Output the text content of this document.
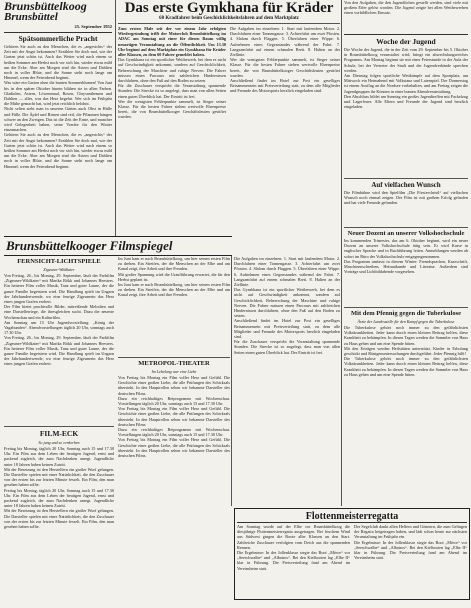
Brunsbüttelkoog
Brunsbüttel
25. September 1952
Spätsommerliche Pracht

Gehören Sie auch zu den Menschen, die es „angesichts“ der Zeit mit der Angst bekommen? Erzählen Sie doch mal, wie der Garten jetzt schön ist. Auch das Wetter wird nach einem so heißen Sommer am Herbst noch vor sich hin, wieder etwas mild um die Ecke. Aber am Morgen sind die Astern und Dahlien noch in voller Blüte, und die Sonne steht noch lange am Himmel, wenn der Feierabend beginnt.

Was wäre ein Garten ohne die bunten Sommerblumen! Von Juni bis in den späten Oktober hinein blühen sie in allen Farben. Gladiolen, Astern, Löwenmaul, Rosen, Chrysanthemen und Dahlien — alles, was das Herz begehrt. Wer sich im Frühjahr die Mühe gemacht hat, wird jetzt reichlich belohnt.

Nicht selten sieht man in unseren Gärten auch Obst in Hülle und Fülle. Die Äpfel und Birnen sind reif, die Pflaumen hängen schwer an den Zweigen. Das ist die Zeit der Ernte, und mancher wird Gelegenheit haben, seine Vorräte für den Winter einzumachen.

Gehören Sie auch zu den Menschen, die es „angesichts“ der Zeit mit der Angst bekommen? Erzählen Sie doch mal, wie der Garten jetzt schön ist. Auch das Wetter wird nach einem so heißen Sommer am Herbst noch vor sich hin, wieder etwas mild um die Ecke. Aber am Morgen sind die Astern und Dahlien noch in voller Blüte, und die Sonne steht noch lange am Himmel, wenn der Feierabend beginnt.

Brunsbüttelkooger Filmspiegel
FERNSICHT-LICHTSPIELE
Zigeuner-Wildkater

Von Freitag, 26., bis Montag, 29. September, läuft der Farbfilm „Zigeuner-Wildkater“ mit Marika Rökk und Johannes Heesters. Ein heiterer Film voller Musik, Tanz und guter Laune, der die ganze Familie begeistern wird. Die Handlung spielt im Ungarn der Jahrhundertwende, wo eine feurige Zigeunerin das Herz eines jungen Grafen erobert.

Der Film bietet prachtvolle Bilder, mitreißende Melodien und eine Darstellerriege, die ihresgleichen sucht. Dazu die neueste Wochenschau und ein Kulturfilm.

Am Sonntag um 15 Uhr Jugendvorstellung: „König der Vagabunden“. Abendvorstellungen täglich 20 Uhr, sonntags auch 17.30 Uhr.

Von Freitag, 26., bis Montag, 29. September, läuft der Farbfilm „Zigeuner-Wildkater“ mit Marika Rökk und Johannes Heesters. Ein heiterer Film voller Musik, Tanz und guter Laune, der die ganze Familie begeistern wird. Die Handlung spielt im Ungarn der Jahrhundertwende, wo eine feurige Zigeunerin das Herz eines jungen Grafen erobert.

FILM-ECK
So jung und so verdorben

Freitag bis Montag, täglich 20 Uhr, Sonntag auch 15 und 17.30 Uhr. Ein Film aus dem Leben der heutigen Jugend, ernst und packend zugleich, der zum Nachdenken anregt. Jugendliche unter 18 Jahren haben keinen Zutritt.

Mit der Besetzung ist den Herstellern ein großer Wurf gelungen. Die Darsteller spielen mit einer Natürlichkeit, die den Zuschauer von der ersten bis zur letzten Minute fesselt. Ein Film, den man gesehen haben sollte.

Freitag bis Montag, täglich 20 Uhr, Sonntag auch 15 und 17.30 Uhr. Ein Film aus dem Leben der heutigen Jugend, ernst und packend zugleich, der zum Nachdenken anregt. Jugendliche unter 18 Jahren haben keinen Zutritt.

Mit der Besetzung ist den Herstellern ein großer Wurf gelungen. Die Darsteller spielen mit einer Natürlichkeit, die den Zuschauer von der ersten bis zur letzten Minute fesselt. Ein Film, den man gesehen haben sollte.

Das erste Gymkhana für Kräder
60 Kradfahrer beim Geschicklichkeitsfahren auf dem Marktplatz

Zum ersten Male seit der vor einem Jahr erfolgten Wiedergründung trifft der Motorclub Brunsbüttelkoog im ADAC am Sonntag mit einer für diesen Raum völlig neuartigen Veranstaltung an die Öffentlichkeit. Um 13.30 Uhr beginnt auf dem Marktplatz ein Gymkhana für Kräder aller Klassen, zu dem 60 Fahrer gemeldet haben.

Das Gymkhana ist ein sportlicher Wettbewerb, bei dem es nicht auf Geschwindigkeit ankommt, sondern auf Geschicklichkeit, Beherrschung der Maschine und ruhige Nerven. Die Fahrer müssen einen Parcours mit zahlreichen Hindernissen durchfahren, ohne den Fuß auf den Boden zu setzen.

Für die Zuschauer verspricht die Veranstaltung spannende Stunden. Die Strecke ist so angelegt, dass man von allen Seiten einen guten Überblick hat. Der Eintritt ist frei.

Wer die wenigsten Fehlerpunkte sammelt, ist Sieger seiner Klasse. Für die besten Fahrer stehen wertvolle Ehrenpreise bereit, die von Brunsbüttelkooger Geschäftsleuten gestiftet wurden.

Die Aufgaben im einzelnen: 1. Start mit laufendem Motor. 2. Durchfahren einer Tonnengasse. 3. Achterfahrt um zwei Pfosten. 4. Slalom durch Flaggen. 5. Überfahren einer Wippe. 6. Aufnehmen eines Gegenstandes während der Fahrt. 7. Langsamfahrt auf einem schmalen Brett. 8. Halten an der Ziellinie.

Wer die wenigsten Fehlerpunkte sammelt, ist Sieger seiner Klasse. Für die besten Fahrer stehen wertvolle Ehrenpreise bereit, die von Brunsbüttelkooger Geschäftsleuten gestiftet wurden.

Anschließend findet im Hotel zur Post ein geselliges Beisammensein mit Preisverteilung statt, zu dem alle Mitglieder und Freunde des Motorsports herzlich eingeladen sind.

Im Juni kam er nach Brunsbüttelkoog, um hier seinen ersten Film zu drehen. Ein Streifen, der die Menschen an der Elbe und am Kanal zeigt, ihre Arbeit und ihre Freuden.

Mit großer Spannung wird die Uraufführung erwartet, die für den Herbst geplant ist.

Im Juni kam er nach Brunsbüttelkoog, um hier seinen ersten Film zu drehen. Ein Streifen, der die Menschen an der Elbe und am Kanal zeigt, ihre Arbeit und ihre Freuden.

METROPOL-THEATER
Im Lebelang war eine Liebe

Von Freitag bis Montag ein Film voller Herz und Gefühl. Die Geschichte einer großen Liebe, die alle Prüfungen des Schicksals übersteht. In den Hauptrollen sehen wir bekannte Darsteller des deutschen Films.

Dazu ein reichhaltiges Beiprogramm mit Wochenschau. Vorstellungen täglich 20 Uhr, sonntags auch 15 und 17.30 Uhr.

Von Freitag bis Montag ein Film voller Herz und Gefühl. Die Geschichte einer großen Liebe, die alle Prüfungen des Schicksals übersteht. In den Hauptrollen sehen wir bekannte Darsteller des deutschen Films.

Dazu ein reichhaltiges Beiprogramm mit Wochenschau. Vorstellungen täglich 20 Uhr, sonntags auch 15 und 17.30 Uhr.

Von Freitag bis Montag ein Film voller Herz und Gefühl. Die Geschichte einer großen Liebe, die alle Prüfungen des Schicksals übersteht. In den Hauptrollen sehen wir bekannte Darsteller des deutschen Films.

Die Aufgaben im einzelnen: 1. Start mit laufendem Motor. 2. Durchfahren einer Tonnengasse. 3. Achterfahrt um zwei Pfosten. 4. Slalom durch Flaggen. 5. Überfahren einer Wippe. 6. Aufnehmen eines Gegenstandes während der Fahrt. 7. Langsamfahrt auf einem schmalen Brett. 8. Halten an der Ziellinie.

Das Gymkhana ist ein sportlicher Wettbewerb, bei dem es nicht auf Geschwindigkeit ankommt, sondern auf Geschicklichkeit, Beherrschung der Maschine und ruhige Nerven. Die Fahrer müssen einen Parcours mit zahlreichen Hindernissen durchfahren, ohne den Fuß auf den Boden zu setzen.

Anschließend findet im Hotel zur Post ein geselliges Beisammensein mit Preisverteilung statt, zu dem alle Mitglieder und Freunde des Motorsports herzlich eingeladen sind.

Für die Zuschauer verspricht die Veranstaltung spannende Stunden. Die Strecke ist so angelegt, dass man von allen Seiten einen guten Überblick hat. Der Eintritt ist frei.

Von den Aufgaben, die den Jugendlichen gestellt werden, sind viele mit großem Eifer gelöst worden. Die Jugend zeigte bei allen Wettbewerben einen vorbildlichen Einsatz.

Woche der Jugend

Die Woche der Jugend, die in der Zeit vom 29. September bis 5. Oktober in Brunsbüttelkoog veranstaltet wird, bringt ein abwechslungsreiches Programm. Am Montag beginnt sie mit einer Feierstunde in der Aula der Schule, bei der Vertreter der Stadt und der Jugendverbände sprechen werden.

Am Dienstag folgen sportliche Wettkämpfe auf dem Sportplatz, am Mittwoch ein Heimabend mit Volkstanz und Laienspiel. Der Donnerstag ist einem Ausflug an die Nordsee vorbehalten, und am Freitag zeigen die Jugendgruppen ihr Können in einer bunten Abendveranstaltung.

Den Abschluss bildet am Sonntag ein großes Jugendtreffen mit Fackelzug und Lagerfeuer. Alle Eltern und Freunde der Jugend sind herzlich eingeladen.

Auf vielfachen Wunsch

Die Filmbühne wird den Spielfilm „Die Försterchristl“ auf vielfachen Wunsch noch einmal zeigen. Der Film ist mit großem Erfolg gelaufen und hat viele Freunde gefunden.

Neuer Dozent an unserer Volkshochschule

Im kommenden Trimester, das am 6. Oktober beginnt, wird ein neuer Dozent an unserer Volkshochschule tätig sein. Er wird Kurse in englischer Sprache und in Buchführung leiten. Anmeldungen werden ab sofort im Büro der Volkshochschule entgegengenommen.

Das Programm umfasst in diesem Winter: Fremdsprachen, Kurzschrift, Maschinenschreiben, Heimatkunde und Literatur. Außerdem sind Vorträge und Lichtbildabende vorgesehen.

Mit dem Pfennig gegen die Tuberkulose
Ärzte der Landesstelle für den Kampf gegen die Tuberkulose

Die Tuberkulose gehört noch immer zu den gefährlichsten Volkskrankheiten. Jeder kann durch einen kleinen Beitrag helfen, diese Krankheit zu bekämpfen. In diesen Tagen werden die Sammler von Haus zu Haus gehen und um eine Spende bitten.

Mit den Erträgen werden Heilstätten unterstützt, Kinder in Erholung geschickt und Röntgenuntersuchungen durchgeführt. Jeder Pfennig hilft!

Die Tuberkulose gehört noch immer zu den gefährlichsten Volkskrankheiten. Jeder kann durch einen kleinen Beitrag helfen, diese Krankheit zu bekämpfen. In diesen Tagen werden die Sammler von Haus zu Haus gehen und um eine Spende bitten.

Flottenmeisterregatta

Am Sonntag wurde auf der Elbe vor Brunsbüttelkoog die diesjährige Flottenmeisterregatta ausgetragen. Bei frischem Wind aus Südwest gingen die Boote aller Klassen an den Start. Zahlreiche Zuschauer verfolgten vom Deich aus die spannenden Rennen.

Die Ergebnisse: In der Jollenklasse siegte das Boot „Möwe“ vor „Seeschwalbe“ und „Albatros“. Bei den Kielbooten lag „Elbe II“ klar in Führung. Die Preisverteilung fand am Abend im Vereinsheim statt.

Der Segelclub dankt allen Helfern und Gönnern, die zum Gelingen der Regatta beigetragen haben, und lädt schon heute zur nächsten Veranstaltung im Frühjahr ein.

Die Ergebnisse: In der Jollenklasse siegte das Boot „Möwe“ vor „Seeschwalbe“ und „Albatros“. Bei den Kielbooten lag „Elbe II“ klar in Führung. Die Preisverteilung fand am Abend im Vereinsheim statt.
